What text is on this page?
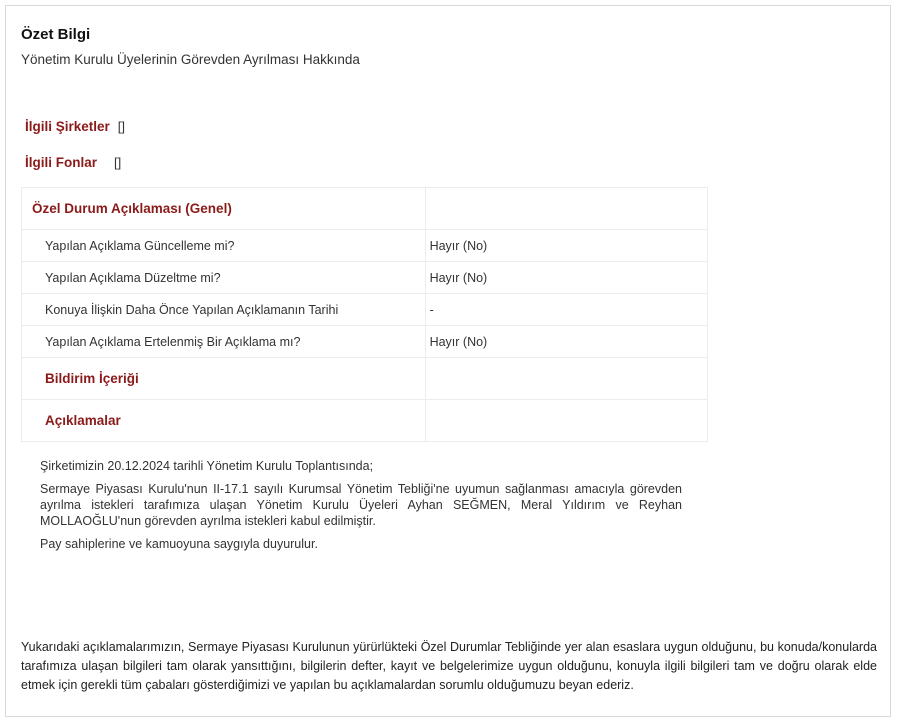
Özet Bilgi
Yönetim Kurulu Üyelerinin Görevden Ayrılması Hakkında
İlgili Şirketler []
İlgili Fonlar []
Özel Durum Açıklaması (Genel)	
Yapılan Açıklama Güncelleme mi?	Hayır (No)
Yapılan Açıklama Düzeltme mi?	Hayır (No)
Konuya İlişkin Daha Önce Yapılan Açıklamanın Tarihi	-
Yapılan Açıklama Ertelenmiş Bir Açıklama mı?	Hayır (No)
Bildirim İçeriği	
Açıklamalar	

Şirketimizin 20.12.2024 tarihli Yönetim Kurulu Toplantısında;

Sermaye Piyasası Kurulu'nun II-17.1 sayılı Kurumsal Yönetim Tebliği'ne uyumun sağlanması amacıyla görevden ayrılma istekleri tarafımıza ulaşan Yönetim Kurulu Üyeleri Ayhan SEĞMEN, Meral Yıldırım ve Reyhan MOLLAOĞLU'nun görevden ayrılma istekleri kabul edilmiştir.

Pay sahiplerine ve kamuoyuna saygıyla duyurulur.

Yukarıdaki açıklamalarımızın, Sermaye Piyasası Kurulunun yürürlükteki Özel Durumlar Tebliğinde yer alan esaslara uygun olduğunu, bu konuda/konularda tarafımıza ulaşan bilgileri tam olarak yansıttığını, bilgilerin defter, kayıt ve belgelerimize uygun olduğunu, konuyla ilgili bilgileri tam ve doğru olarak elde etmek için gerekli tüm çabaları gösterdiğimizi ve yapılan bu açıklamalardan sorumlu olduğumuzu beyan ederiz.
